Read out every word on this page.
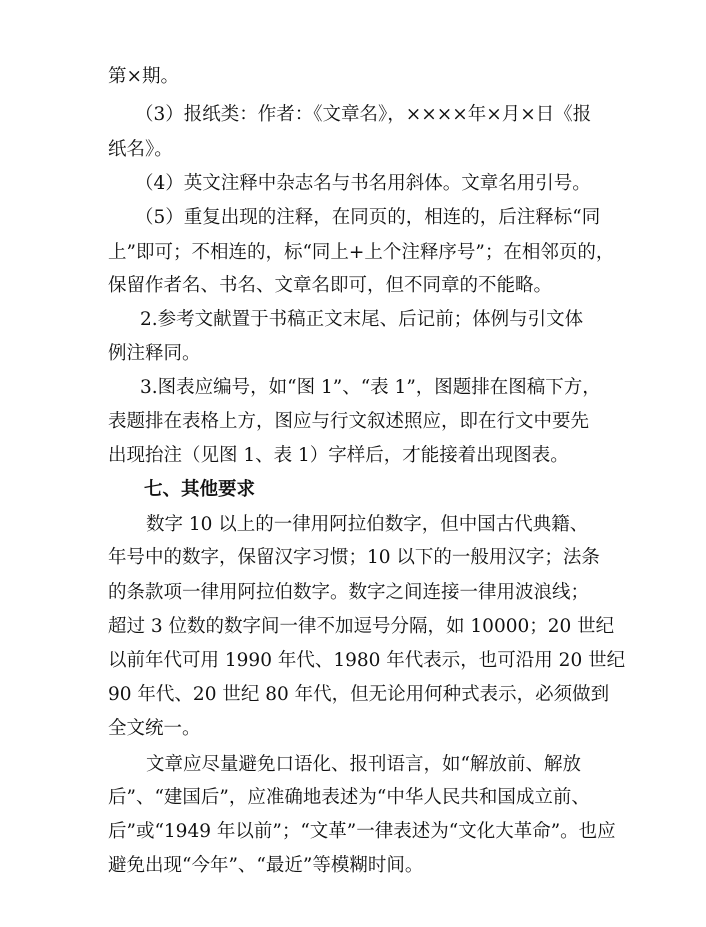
第×期。
（3）报纸类：作者：《文章名》，××××年×月×日《报
纸名》。
（4）英文注释中杂志名与书名用斜体。文章名用引号。
（5）重复出现的注释，在同页的，相连的，后注释标“同
上”即可；不相连的，标“同上+上个注释序号”；在相邻页的，
保留作者名、书名、文章名即可，但不同章的不能略。
2.参考文献置于书稿正文末尾、后记前；体例与引文体
例注释同。
3.图表应编号，如“图 1”、“表 1”，图题排在图稿下方，
表题排在表格上方，图应与行文叙述照应，即在行文中要先
出现抬注（见图 1、表 1）字样后，才能接着出现图表。
七、其他要求
数字 10 以上的一律用阿拉伯数字，但中国古代典籍、
年号中的数字，保留汉字习惯；10 以下的一般用汉字；法条
的条款项一律用阿拉伯数字。数字之间连接一律用波浪线；
超过 3 位数的数字间一律不加逗号分隔，如 10000；20 世纪
以前年代可用 1990 年代、1980 年代表示，也可沿用 20 世纪
90 年代、20 世纪 80 年代，但无论用何种式表示，必须做到
全文统一。
文章应尽量避免口语化、报刊语言，如“解放前、解放
后”、“建国后”，应准确地表述为“中华人民共和国成立前、
后”或“1949 年以前”；“文革”一律表述为“文化大革命”。也应
避免出现“今年”、“最近”等模糊时间。
